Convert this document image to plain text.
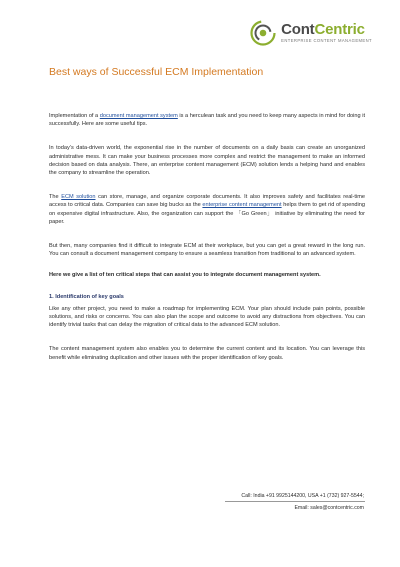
ContCentric
ENTERPRISE CONTENT MANAGEMENT
Best ways of Successful ECM Implementation

Implementation of a document management system is a herculean task and you need to keep many aspects in mind for doing it successfully. Here are some useful tips.

In today’s data-driven world, the exponential rise in the number of documents on a daily basis can create an unorganized administrative mess. It can make your business processes more complex and restrict the management to make an informed decision based on data analysis. There, an enterprise content management (ECM) solution lends a helping hand and enables the company to streamline the operation.

The ECM solution can store, manage, and organize corporate documents. It also improves safety and facilitates real-time access to critical data. Companies can save big bucks as the enterprise content management helps them to get rid of spending on expensive digital infrastructure. Also, the organization can support the 「Go Green」 initiative by eliminating the need for paper.

But then, many companies find it difficult to integrate ECM at their workplace, but you can get a great reward in the long run. You can consult a document management company to ensure a seamless transition from traditional to an advanced system.

Here we give a list of ten critical steps that can assist you to integrate document management system.

1. Identification of key goals

Like any other project, you need to make a roadmap for implementing ECM. Your plan should include pain points, possible solutions, and risks or concerns. You can also plan the scope and outcome to avoid any distractions from objectives. You can identify trivial tasks that can delay the migration of critical data to the advanced ECM solution.

The content management system also enables you to determine the current content and its location. You can leverage this benefit while eliminating duplication and other issues with the proper identification of key goals.

Call: India +91 9925144200, USA +1 (732) 927-5544;
Email: sales@contcentric.com
